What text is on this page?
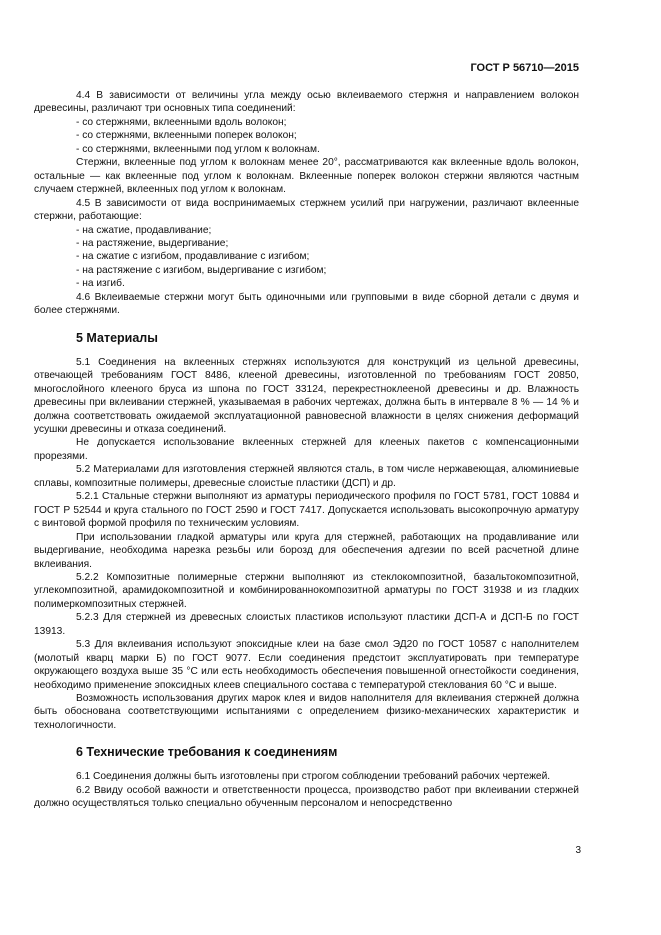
ГОСТ Р 56710—2015

4.4 В зависимости от величины угла между осью вклеиваемого стержня и направлением волокон древесины, различают три основных типа соединений:

- со стержнями, вклеенными вдоль волокон;

- со стержнями, вклеенными поперек волокон;

- со стержнями, вклеенными под углом к волокнам.

Стержни, вклеенные под углом к волокнам менее 20°, рассматриваются как вклеенные вдоль волокон, остальные — как вклеенные под углом к волокнам. Вклеенные поперек волокон стержни являются частным случаем стержней, вклеенных под углом к волокнам.

4.5 В зависимости от вида воспринимаемых стержнем усилий при нагружении, различают вклеенные стержни, работающие:

- на сжатие, продавливание;

- на растяжение, выдергивание;

- на сжатие с изгибом, продавливание с изгибом;

- на растяжение с изгибом, выдергивание с изгибом;

- на изгиб.

4.6 Вклеиваемые стержни могут быть одиночными или групповыми в виде сборной детали с двумя и более стержнями.

5 Материалы

5.1 Соединения на вклеенных стержнях используются для конструкций из цельной древесины, отвечающей требованиям ГОСТ 8486, клееной древесины, изготовленной по требованиям ГОСТ 20850, многослойного клееного бруса из шпона по ГОСТ 33124, перекрестноклееной древесины и др. Влажность древесины при вклеивании стержней, указываемая в рабочих чертежах, должна быть в интервале 8 % — 14 % и должна соответствовать ожидаемой эксплуатационной равновесной влажности в целях снижения деформаций усушки древесины и отказа соединений.

Не допускается использование вклеенных стержней для клееных пакетов с компенсационными прорезями.

5.2 Материалами для изготовления стержней являются сталь, в том числе нержавеющая, алюминиевые сплавы, композитные полимеры, древесные слоистые пластики (ДСП) и др.

5.2.1 Стальные стержни выполняют из арматуры периодического профиля по ГОСТ 5781, ГОСТ 10884 и ГОСТ Р 52544 и круга стального по ГОСТ 2590 и ГОСТ 7417. Допускается использовать высокопрочную арматуру с винтовой формой профиля по техническим условиям.

При использовании гладкой арматуры или круга для стержней, работающих на продавливание или выдергивание, необходима нарезка резьбы или борозд для обеспечения адгезии по всей расчетной длине вклеивания.

5.2.2 Композитные полимерные стержни выполняют из стеклокомпозитной, базальтокомпозитной, углекомпозитной, арамидокомпозитной и комбинированнокомпозитной арматуры по ГОСТ 31938 и из гладких полимеркомпозитных стержней.

5.2.3 Для стержней из древесных слоистых пластиков используют пластики ДСП-А и ДСП-Б по ГОСТ 13913.

5.3 Для вклеивания используют эпоксидные клеи на базе смол ЭД20 по ГОСТ 10587 с наполнителем (молотый кварц марки Б) по ГОСТ 9077. Если соединения предстоит эксплуатировать при температуре окружающего воздуха выше 35 °С или есть необходимость обеспечения повышенной огнестойкости соединения, необходимо применение эпоксидных клеев специального состава с температурой стеклования 60 °С и выше.

Возможность использования других марок клея и видов наполнителя для вклеивания стержней должна быть обоснована соответствующими испытаниями с определением физико-механических характеристик и технологичности.

6 Технические требования к соединениям

6.1 Соединения должны быть изготовлены при строгом соблюдении требований рабочих чертежей.

6.2 Ввиду особой важности и ответственности процесса, производство работ при вклеивании стержней должно осуществляться только специально обученным персоналом и непосредственно

3
